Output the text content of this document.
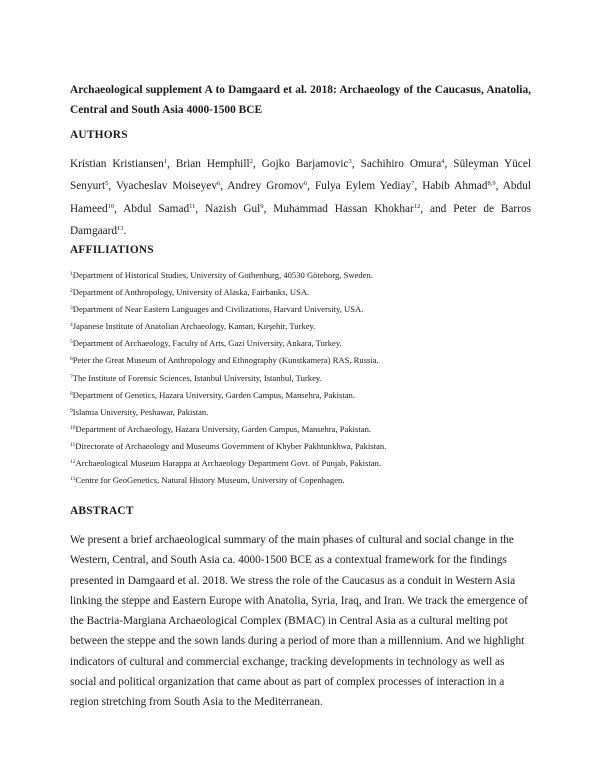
Archaeological supplement A to Damgaard et al. 2018: Archaeology of the Caucasus, Anatolia, Central and South Asia 4000-1500 BCE

AUTHORS

Kristian Kristiansen$^1$, Brian Hemphill$^2$, Gojko Barjamovic$^3$, Sachihiro Omura$^4$, Süleyman Yücel Senyurt$^5$, Vyacheslav Moiseyev$^6$, Andrey Gromov$^6$, Fulya Eylem Yediay$^7$, Habib Ahmad$^{8,9}$, Abdul Hameed$^{10}$, Abdul Samad$^{11}$, Nazish Gul$^9$, Muhammad Hassan Khokhar$^{12}$, and Peter de Barros Damgaard$^{13}$.

AFFILIATIONS
$^1$Department of Historical Studies, University of Gothenburg, 40530 Göteborg, Sweden.
$^2$Department of Anthropology, University of Alaska, Fairbanks, USA.
$^3$Department of Near Eastern Languages and Civilizations, Harvard University, USA.
$^4$Japanese Institute of Anatolian Archaeology, Kaman, Kırşehir, Turkey.
$^5$Department of Archaeology, Faculty of Arts, Gazi University, Ankara, Turkey.
$^6$Peter the Great Museum of Anthropology and Ethnography (Kunstkamera) RAS, Russia.
$^7$The Institute of Forensic Sciences, Istanbul University, Istanbul, Turkey.
$^8$Department of Genetics, Hazara University, Garden Campus, Mansehra, Pakistan.
$^9$Islamia University, Peshawar, Pakistan.
$^{10}$Department of Archaeology, Hazara University, Garden Campus, Mansehra, Pakistan.
$^{11}$Directorate of Archaeology and Museums Government of Khyber Pakhtunkhwa, Pakistan.
$^{12}$Archaeological Museum Harappa at Archaeology Department Govt. of Punjab, Pakistan.
$^{13}$Centre for GeoGenetics, Natural History Museum, University of Copenhagen.
ABSTRACT

We present a brief archaeological summary of the main phases of cultural and social change in the Western, Central, and South Asia ca. 4000-1500 BCE as a contextual framework for the findings presented in Damgaard et al. 2018. We stress the role of the Caucasus as a conduit in Western Asia linking the steppe and Eastern Europe with Anatolia, Syria, Iraq, and Iran. We track the emergence of the Bactria-Margiana Archaeological Complex (BMAC) in Central Asia as a cultural melting pot between the steppe and the sown lands during a period of more than a millennium. And we highlight indicators of cultural and commercial exchange, tracking developments in technology as well as social and political organization that came about as part of complex processes of interaction in a region stretching from South Asia to the Mediterranean.
